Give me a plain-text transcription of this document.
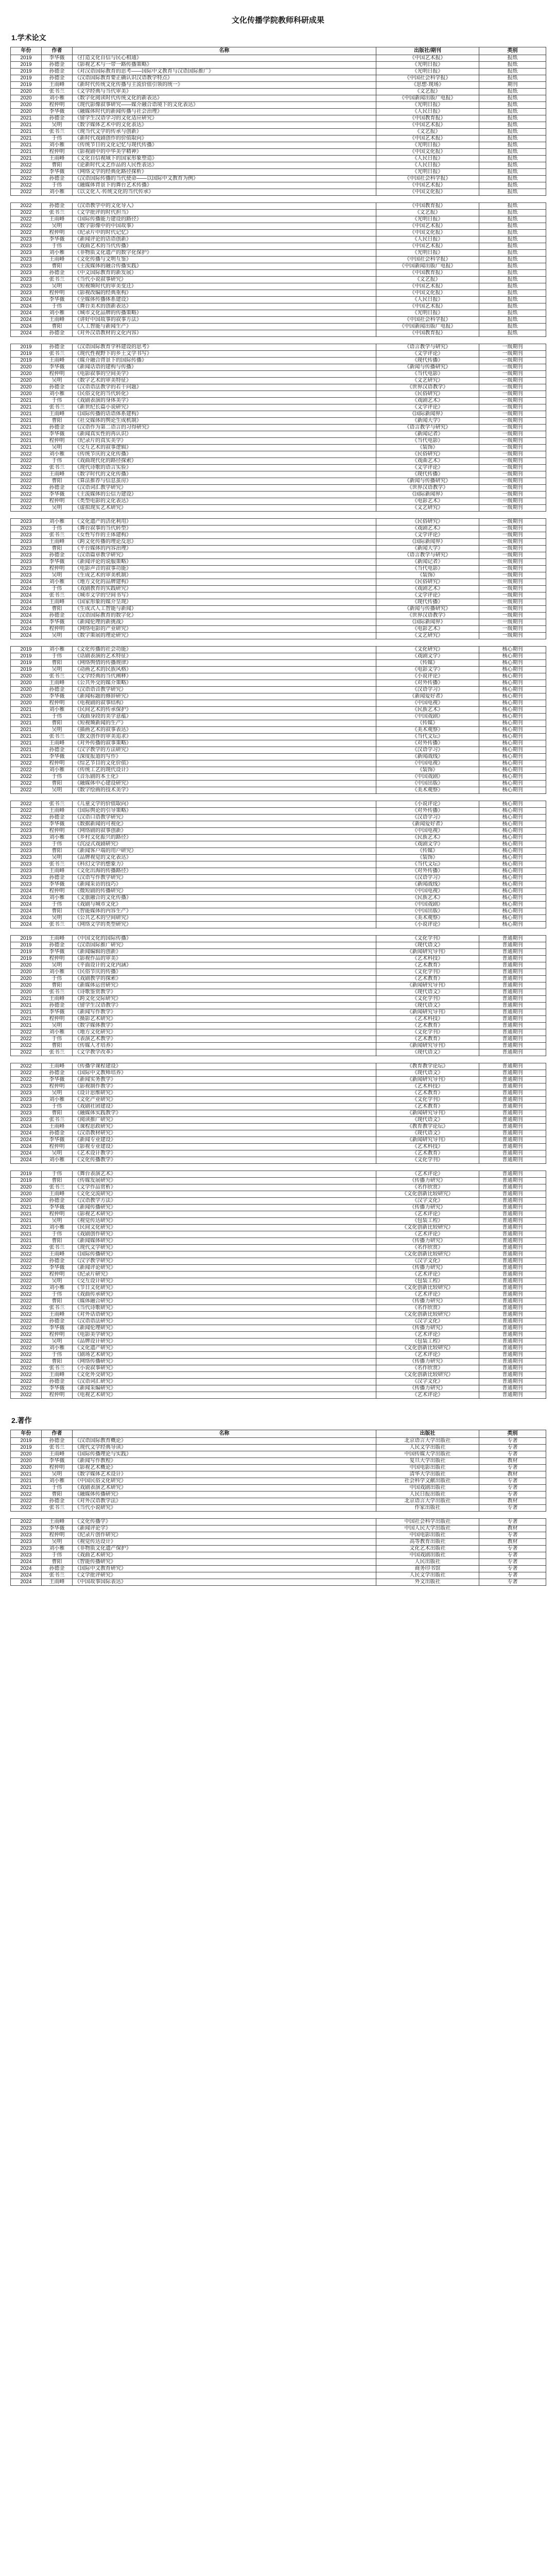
文化传播学院教师科研成果
1.学术论文
年份	作者	名称	出版社/期刊	类别
2019	李华薇	《打造文化自信与民心相通》	《中国艺术报》	报纸
2019	孙德金	《影视艺术与一带一路传播策略》	《光明日报》	报纸
2019	孙德金	《对汉语国际教育的思考——国际中文教育与汉语国际推广》	《光明日报》	报纸
2019	孙德金	《汉语国际教育要正确认识汉语教学特点》	《中国社会科学报》	报纸
2019	王雨峰	《新时代传统文化传播与主流价值引领的统一》	《思想·现场》	期刊
2020	张书兰	《文学经典与当代审美》	《文艺报》	报纸
2020	刘小雅	《数字化阅读时代传统文化的新表达》	《中国新闻出版广电报》	报纸
2020	程仲明	《现代影像叙事研究——媒介融合语境下的文化表达》	《光明日报》	报纸
2020	李华薇	《融媒体时代的新闻传播与社会治理》	《人民日报》	报纸
2021	孙德金	《留学生汉语学习的文化适应研究》	《中国教育报》	报纸
2021	吴明	《数字媒体艺术中的文化表达》	《中国艺术报》	报纸
2021	张书兰	《现当代文学的传承与创新》	《文艺报》	报纸
2021	于伟	《新时代戏剧创作的价值取向》	《中国艺术报》	报纸
2021	刘小雅	《传统节日的文化记忆与现代传播》	《光明日报》	报纸
2021	程仲明	《影视剧中的中华美学精神》	《中国文化报》	报纸
2021	王雨峰	《文化自信视域下的国家形象塑造》	《人民日报》	报纸
2022	曹阳	《论新时代文艺作品的人民性表达》	《人民日报》	报纸
2022	李华薇	《网络文学的经典化路径探析》	《光明日报》	报纸
2022	孙德金	《汉语国际传播的当代使命——以国际中文教育为例》	《中国社会科学报》	报纸
2022	于伟	《融媒体背景下的舞台艺术传播》	《中国艺术报》	报纸
2022	刘小雅	《以文化人·传统文化的当代传承》	《中国文化报》	报纸

2022	孙德金	《汉语教学中的文化导入》	《中国教育报》	报纸
2022	张书兰	《文学批评的时代担当》	《文艺报》	报纸
2022	王雨峰	《国际传播能力建设的路径》	《光明日报》	报纸
2022	吴明	《数字影像中的中国故事》	《中国艺术报》	报纸
2022	程仲明	《纪录片中的时代记忆》	《中国文化报》	报纸
2023	李华薇	《新闻评论的话语创新》	《人民日报》	报纸
2023	于伟	《戏曲艺术的当代传播》	《中国艺术报》	报纸
2023	刘小雅	《非物质文化遗产的数字化保护》	《光明日报》	报纸
2023	王雨峰	《文化传播与文明互鉴》	《中国社会科学报》	报纸
2023	曹阳	《主流媒体的融合传播实践》	《中国新闻出版广电报》	报纸
2023	孙德金	《中文国际教育的新发展》	《中国教育报》	报纸
2023	张书兰	《当代小说叙事研究》	《文艺报》	报纸
2023	吴明	《短视频时代的审美变迁》	《中国艺术报》	报纸
2023	程仲明	《影视改编的经典重构》	《中国文化报》	报纸
2024	李华薇	《全媒体传播体系建设》	《人民日报》	报纸
2024	于伟	《舞台美术的创新表达》	《中国艺术报》	报纸
2024	刘小雅	《城市文化品牌的传播策略》	《光明日报》	报纸
2024	王雨峰	《讲好中国故事的叙事方法》	《中国社会科学报》	报纸
2024	曹阳	《人工智能与新闻生产》	《中国新闻出版广电报》	报纸
2024	孙德金	《对外汉语教材的文化内容》	《中国教育报》	报纸

2019	孙德金	《汉语国际教育学科建设的思考》	《语言教学与研究》	一级期刊
2019	张书兰	《现代性视野下的乡土文学书写》	《文学评论》	一级期刊
2019	王雨峰	《媒介融合背景下的国际传播》	《现代传播》	一级期刊
2020	李华薇	《新闻话语的建构与传播》	《新闻与传播研究》	一级期刊
2020	程仲明	《电影叙事的空间美学》	《当代电影》	一级期刊
2020	吴明	《数字艺术的审美特征》	《文艺研究》	一级期刊
2020	孙德金	《汉语语法教学的若干问题》	《世界汉语教学》	一级期刊
2020	刘小雅	《民俗文化的当代转化》	《民俗研究》	一级期刊
2021	于伟	《戏剧表演的身体美学》	《戏剧艺术》	一级期刊
2021	张书兰	《新世纪长篇小说研究》	《文学评论》	一级期刊
2021	王雨峰	《国际传播的话语体系建构》	《国际新闻界》	一级期刊
2021	曹阳	《社交媒体的舆论生成机制》	《新闻大学》	一级期刊
2021	孙德金	《汉语作为第二语言的习得研究》	《语言教学与研究》	一级期刊
2021	李华薇	《新闻真实性的再认识》	《新闻记者》	一级期刊
2021	程仲明	《纪录片的真实美学》	《当代电影》	一级期刊
2021	吴明	《交互艺术的叙事逻辑》	《装饰》	一级期刊
2022	刘小雅	《传统节庆的文化传播》	《民俗研究》	一级期刊
2022	于伟	《戏曲现代化的路径探索》	《戏曲艺术》	一级期刊
2022	张书兰	《现代诗歌的语言实验》	《文学评论》	一级期刊
2022	王雨峰	《数字时代的文化传播》	《现代传播》	一级期刊
2022	曹阳	《算法推荐与信息茧房》	《新闻与传播研究》	一级期刊
2022	孙德金	《汉语词汇教学研究》	《世界汉语教学》	一级期刊
2022	李华薇	《主流媒体的公信力建设》	《国际新闻界》	一级期刊
2022	程仲明	《类型电影的文化表达》	《电影艺术》	一级期刊
2022	吴明	《虚拟现实艺术研究》	《文艺研究》	一级期刊

2023	刘小雅	《文化遗产的活化利用》	《民俗研究》	一级期刊
2023	于伟	《舞台叙事的当代转型》	《戏剧艺术》	一级期刊
2023	张书兰	《女性写作的主体建构》	《文学评论》	一级期刊
2023	王雨峰	《跨文化传播的理论反思》	《国际新闻界》	一级期刊
2023	曹阳	《平台媒体的内容治理》	《新闻大学》	一级期刊
2023	孙德金	《汉语篇章教学研究》	《语言教学与研究》	一级期刊
2023	李华薇	《新闻评论的说服策略》	《新闻记者》	一级期刊
2023	程仲明	《电影声音的叙事功能》	《当代电影》	一级期刊
2023	吴明	《生成艺术的审美机制》	《装饰》	一级期刊
2024	刘小雅	《地方文化的品牌建构》	《民俗研究》	一级期刊
2024	于伟	《戏剧教育的实践研究》	《戏剧艺术》	一级期刊
2024	张书兰	《城市文学的空间书写》	《文学评论》	一级期刊
2024	王雨峰	《国家形象的媒介呈现》	《现代传播》	一级期刊
2024	曹阳	《生成式人工智能与新闻》	《新闻与传播研究》	一级期刊
2024	孙德金	《汉语国际教育的数字化》	《世界汉语教学》	一级期刊
2024	李华薇	《新闻伦理的新挑战》	《国际新闻界》	一级期刊
2024	程仲明	《网络电影的产业研究》	《电影艺术》	一级期刊
2024	吴明	《数字策展的理论研究》	《文艺研究》	一级期刊

2019	刘小雅	《文化传播的社会功能》	《文化研究》	核心期刊
2019	于伟	《话剧表演的艺术特征》	《戏剧文学》	核心期刊
2019	曹阳	《网络舆情的传播规律》	《传媒》	核心期刊
2019	吴明	《动画艺术的民族风格》	《电影文学》	核心期刊
2020	张书兰	《文学经典的当代阐释》	《小说评论》	核心期刊
2020	王雨峰	《公共外交的媒介策略》	《对外传播》	核心期刊
2020	孙德金	《汉语语音教学研究》	《汉语学习》	核心期刊
2020	李华薇	《新闻标题的修辞研究》	《新闻爱好者》	核心期刊
2020	程仲明	《电视剧的叙事结构》	《中国电视》	核心期刊
2021	刘小雅	《民间艺术的传承保护》	《民族艺术》	核心期刊
2021	于伟	《戏曲身段的美学意蕴》	《中国戏剧》	核心期刊
2021	曹阳	《短视频新闻的生产》	《传媒》	核心期刊
2021	吴明	《插画艺术的叙事表达》	《美术观察》	核心期刊
2021	张书兰	《散文创作的审美追求》	《当代文坛》	核心期刊
2021	王雨峰	《对外传播的叙事策略》	《对外传播》	核心期刊
2021	孙德金	《汉字教学的方法研究》	《汉语学习》	核心期刊
2021	李华薇	《深度报道的写作》	《新闻战线》	核心期刊
2022	程仲明	《综艺节目的文化价值》	《中国电视》	核心期刊
2022	刘小雅	《传统工艺的现代设计》	《装饰》	核心期刊
2022	于伟	《音乐剧的本土化》	《中国戏剧》	核心期刊
2022	曹阳	《融媒体中心建设研究》	《中国出版》	核心期刊
2022	吴明	《数字绘画的技术美学》	《美术观察》	核心期刊

2022	张书兰	《儿童文学的价值取向》	《小说评论》	核心期刊
2022	王雨峰	《国际舆论的引导策略》	《对外传播》	核心期刊
2022	孙德金	《汉语口语教学研究》	《汉语学习》	核心期刊
2022	李华薇	《数据新闻的可视化》	《新闻爱好者》	核心期刊
2023	程仲明	《网络剧的叙事创新》	《中国电视》	核心期刊
2023	刘小雅	《乡村文化振兴的路径》	《民族艺术》	核心期刊
2023	于伟	《沉浸式戏剧研究》	《戏剧文学》	核心期刊
2023	曹阳	《新闻客户端的用户研究》	《传媒》	核心期刊
2023	吴明	《品牌视觉的文化表达》	《装饰》	核心期刊
2023	张书兰	《科幻文学的想象力》	《当代文坛》	核心期刊
2023	王雨峰	《文化出海的传播路径》	《对外传播》	核心期刊
2023	孙德金	《汉语写作教学研究》	《汉语学习》	核心期刊
2023	李华薇	《新闻采访的技巧》	《新闻战线》	核心期刊
2024	程仲明	《微短剧的传播研究》	《中国电视》	核心期刊
2024	刘小雅	《文旅融合的文化传播》	《民族艺术》	核心期刊
2024	于伟	《戏剧与城市文化》	《中国戏剧》	核心期刊
2024	曹阳	《智能媒体的内容生产》	《中国出版》	核心期刊
2024	吴明	《公共艺术的空间研究》	《美术观察》	核心期刊
2024	张书兰	《网络文学的类型研究》	《小说评论》	核心期刊

2019	王雨峰	《中国文化的国际传播》	《文化学刊》	普通期刊
2019	孙德金	《汉语国际推广研究》	《现代语文》	普通期刊
2019	李华薇	《新闻编辑的创新》	《新闻研究导刊》	普通期刊
2019	程仲明	《影视作品的审美》	《艺术科技》	普通期刊
2020	吴明	《平面设计的文化内涵》	《艺术教育》	普通期刊
2020	刘小雅	《民俗节庆的传播》	《文化学刊》	普通期刊
2020	于伟	《戏剧教学的探索》	《艺术教育》	普通期刊
2020	曹阳	《新媒体运营研究》	《新闻研究导刊》	普通期刊
2020	张书兰	《诗歌鉴赏教学》	《现代语文》	普通期刊
2021	王雨峰	《跨文化交际研究》	《文化学刊》	普通期刊
2021	孙德金	《留学生汉语教学》	《现代语文》	普通期刊
2021	李华薇	《新闻写作教学》	《新闻研究导刊》	普通期刊
2021	程仲明	《摄影艺术研究》	《艺术科技》	普通期刊
2021	吴明	《数字媒体教学》	《艺术教育》	普通期刊
2022	刘小雅	《地方文化研究》	《文化学刊》	普通期刊
2022	于伟	《表演艺术教学》	《艺术教育》	普通期刊
2022	曹阳	《传媒人才培养》	《新闻研究导刊》	普通期刊
2022	张书兰	《文学教学改革》	《现代语文》	普通期刊

2022	王雨峰	《传播学课程建设》	《教育教学论坛》	普通期刊
2022	孙德金	《国际中文教师培养》	《现代语文》	普通期刊
2022	李华薇	《新闻实务教学》	《新闻研究导刊》	普通期刊
2023	程仲明	《影视制作教学》	《艺术科技》	普通期刊
2023	吴明	《设计思维研究》	《艺术教育》	普通期刊
2023	刘小雅	《文化产业研究》	《文化学刊》	普通期刊
2023	于伟	《戏剧社团建设》	《艺术教育》	普通期刊
2023	曹阳	《融媒体实践教学》	《新闻研究导刊》	普通期刊
2023	张书兰	《阅读推广研究》	《现代语文》	普通期刊
2024	王雨峰	《课程思政研究》	《教育教学论坛》	普通期刊
2024	孙德金	《汉语教材研究》	《现代语文》	普通期刊
2024	李华薇	《新闻专业建设》	《新闻研究导刊》	普通期刊
2024	程仲明	《影视专业建设》	《艺术科技》	普通期刊
2024	吴明	《艺术设计教学》	《艺术教育》	普通期刊
2024	刘小雅	《文化传播教学》	《文化学刊》	普通期刊

2019	于伟	《舞台表演艺术》	《艺术评论》	普通期刊
2019	曹阳	《传媒发展研究》	《传播力研究》	普通期刊
2020	张书兰	《文学作品赏析》	《名作欣赏》	普通期刊
2020	王雨峰	《文化交流研究》	《文化创新比较研究》	普通期刊
2020	孙德金	《汉语教学方法》	《汉字文化》	普通期刊
2021	李华薇	《新闻传播研究》	《传播力研究》	普通期刊
2021	程仲明	《影视艺术研究》	《艺术评论》	普通期刊
2021	吴明	《视觉传达研究》	《包装工程》	普通期刊
2021	刘小雅	《民间文化研究》	《文化创新比较研究》	普通期刊
2021	于伟	《戏剧创作研究》	《艺术评论》	普通期刊
2021	曹阳	《新闻媒体研究》	《传播力研究》	普通期刊
2022	张书兰	《现代文学研究》	《名作欣赏》	普通期刊
2022	王雨峰	《国际传播研究》	《文化创新比较研究》	普通期刊
2022	孙德金	《汉字教学研究》	《汉字文化》	普通期刊
2022	李华薇	《新闻评论研究》	《传播力研究》	普通期刊
2022	程仲明	《纪录片研究》	《艺术评论》	普通期刊
2022	吴明	《交互设计研究》	《包装工程》	普通期刊
2022	刘小雅	《节日文化研究》	《文化创新比较研究》	普通期刊
2022	于伟	《戏曲传承研究》	《艺术评论》	普通期刊
2022	曹阳	《媒体融合研究》	《传播力研究》	普通期刊
2022	张书兰	《当代诗歌研究》	《名作欣赏》	普通期刊
2022	王雨峰	《对外话语研究》	《文化创新比较研究》	普通期刊
2022	孙德金	《汉语语法研究》	《汉字文化》	普通期刊
2022	李华薇	《新闻伦理研究》	《传播力研究》	普通期刊
2022	程仲明	《电影美学研究》	《艺术评论》	普通期刊
2022	吴明	《品牌设计研究》	《包装工程》	普通期刊
2022	刘小雅	《文化遗产研究》	《文化创新比较研究》	普通期刊
2022	于伟	《剧场艺术研究》	《艺术评论》	普通期刊
2022	曹阳	《网络传播研究》	《传播力研究》	普通期刊
2022	张书兰	《小说叙事研究》	《名作欣赏》	普通期刊
2022	王雨峰	《文化外交研究》	《文化创新比较研究》	普通期刊
2022	孙德金	《汉语词汇研究》	《汉字文化》	普通期刊
2022	李华薇	《新闻采编研究》	《传播力研究》	普通期刊
2022	程仲明	《电视艺术研究》	《艺术评论》	普通期刊
2.著作
年份	作者	名称	出版社	类别
2019	孙德金	《汉语国际教育概论》	北京语言大学出版社	专著
2019	张书兰	《现代文学经典导读》	人民文学出版社	专著
2020	王雨峰	《国际传播理论与实践》	中国传媒大学出版社	专著
2020	李华薇	《新闻写作教程》	复旦大学出版社	教材
2020	程仲明	《影视艺术概论》	中国电影出版社	专著
2021	吴明	《数字媒体艺术设计》	清华大学出版社	教材
2021	刘小雅	《中国民俗文化研究》	社会科学文献出版社	专著
2021	于伟	《戏剧表演艺术研究》	中国戏剧出版社	专著
2022	曹阳	《融媒体传播研究》	人民日报出版社	专著
2022	孙德金	《对外汉语教学法》	北京语言大学出版社	教材
2022	张书兰	《当代小说研究》	作家出版社	专著

2022	王雨峰	《文化传播学》	中国社会科学出版社	专著
2023	李华薇	《新闻评论学》	中国人民大学出版社	教材
2023	程仲明	《纪录片创作研究》	中国电影出版社	专著
2023	吴明	《视觉传达设计》	高等教育出版社	教材
2023	刘小雅	《非物质文化遗产保护》	文化艺术出版社	专著
2023	于伟	《戏曲艺术研究》	中国戏剧出版社	专著
2024	曹阳	《智能传播研究》	人民出版社	专著
2024	孙德金	《国际中文教育研究》	商务印书馆	专著
2024	张书兰	《文学批评研究》	人民文学出版社	专著
2024	王雨峰	《中国故事国际表达》	外文出版社	专著
